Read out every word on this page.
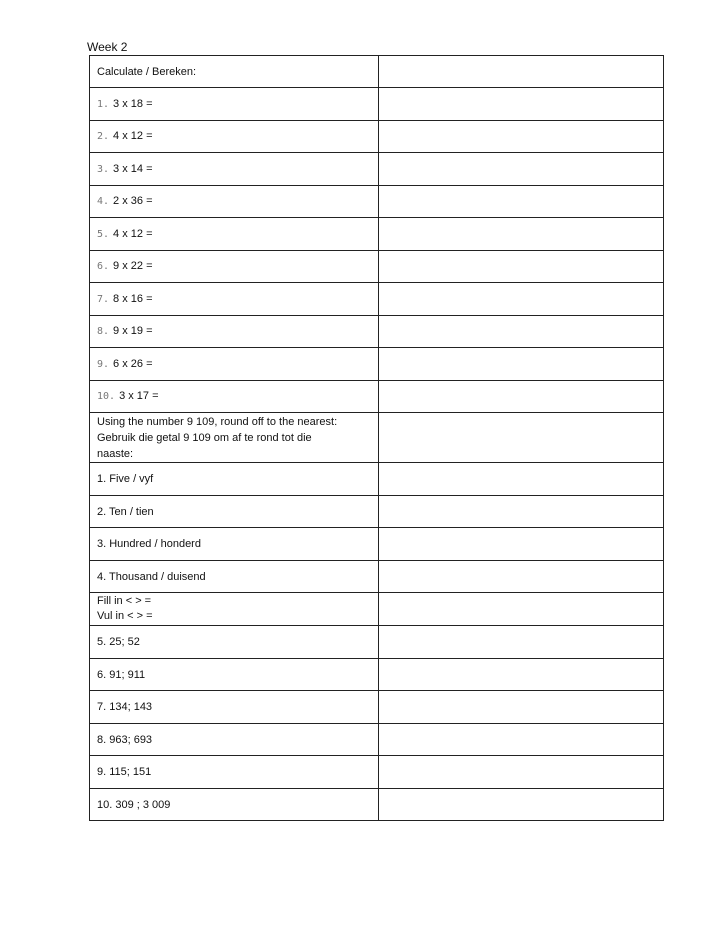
Week 2
Calculate / Bereken:	
1. 3 x 18 =	
2. 4 x 12 =	
3. 3 x 14 =	
4. 2 x 36 =	
5. 4 x 12 =	
6. 9 x 22 =	
7. 8 x 16 =	
8. 9 x 19 =	
9. 6 x 26 =	
10. 3 x 17 =	

Using the number 9 109, round off to the nearest:
Gebruik die getal 9 109 om af te rond tot die
naaste:	

1. Five / vyf	
2. Ten / tien	
3. Hundred / honderd	
4. Thousand / duisend	

Fill in < > =
Vul in < > =	

5. 25; 52	
6. 91; 911	
7. 134; 143	
8. 963; 693	
9. 115; 151	
10. 309 ; 3 009	
